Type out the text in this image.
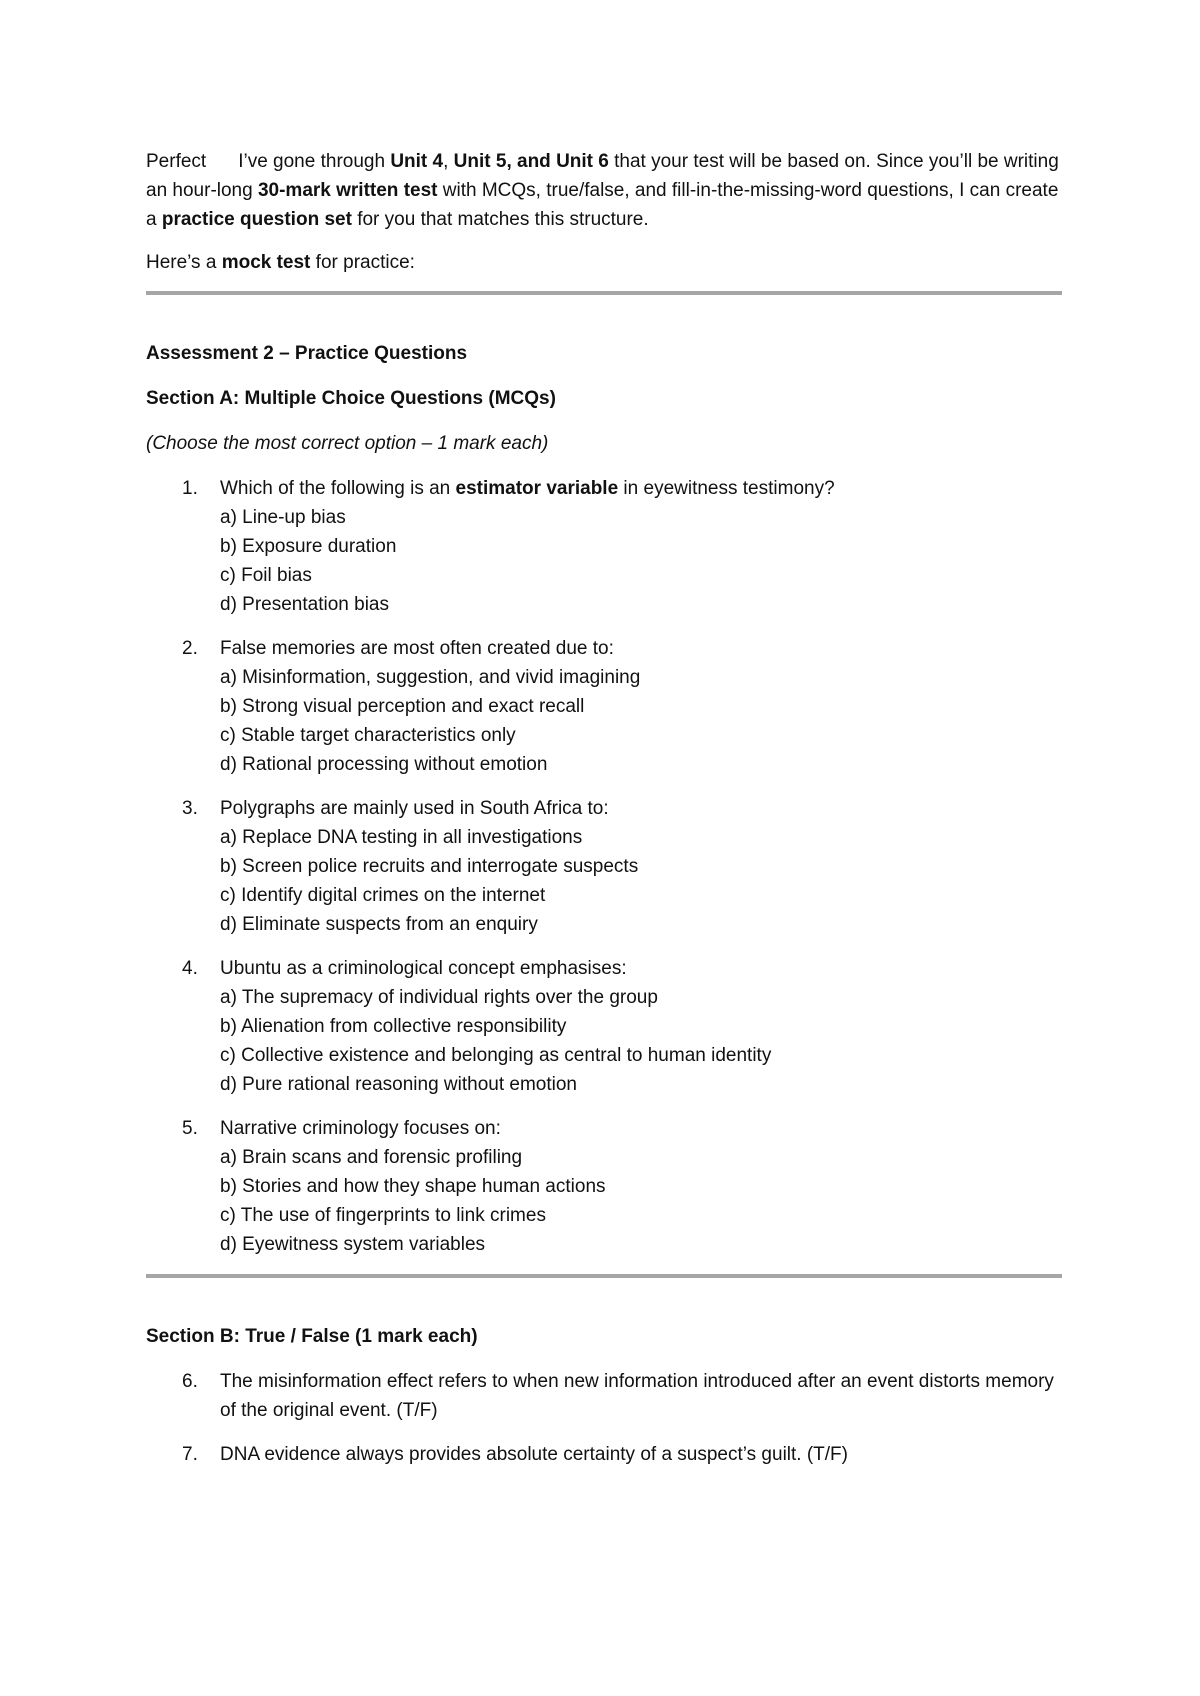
Perfect I’ve gone through Unit 4, Unit 5, and Unit 6 that your test will be based on. Since you’ll be writing an hour-long 30-mark written test with MCQs, true/false, and fill-in-the-missing-word questions, I can create a practice question set for you that matches this structure.

Here’s a mock test for practice:

Assessment 2 – Practice Questions

Section A: Multiple Choice Questions (MCQs)

(Choose the most correct option – 1 mark each)

1. Which of the following is an estimator variable in eyewitness testimony?
a) Line-up bias
b) Exposure duration
c) Foil bias
d) Presentation bias
2. False memories are most often created due to:
a) Misinformation, suggestion, and vivid imagining
b) Strong visual perception and exact recall
c) Stable target characteristics only
d) Rational processing without emotion
3. Polygraphs are mainly used in South Africa to:
a) Replace DNA testing in all investigations
b) Screen police recruits and interrogate suspects
c) Identify digital crimes on the internet
d) Eliminate suspects from an enquiry
4. Ubuntu as a criminological concept emphasises:
a) The supremacy of individual rights over the group
b) Alienation from collective responsibility
c) Collective existence and belonging as central to human identity
d) Pure rational reasoning without emotion
5. Narrative criminology focuses on:
a) Brain scans and forensic profiling
b) Stories and how they shape human actions
c) The use of fingerprints to link crimes
d) Eyewitness system variables

Section B: True / False (1 mark each)

6. The misinformation effect refers to when new information introduced after an event distorts memory of the original event. (T/F)
7. DNA evidence always provides absolute certainty of a suspect’s guilt. (T/F)
